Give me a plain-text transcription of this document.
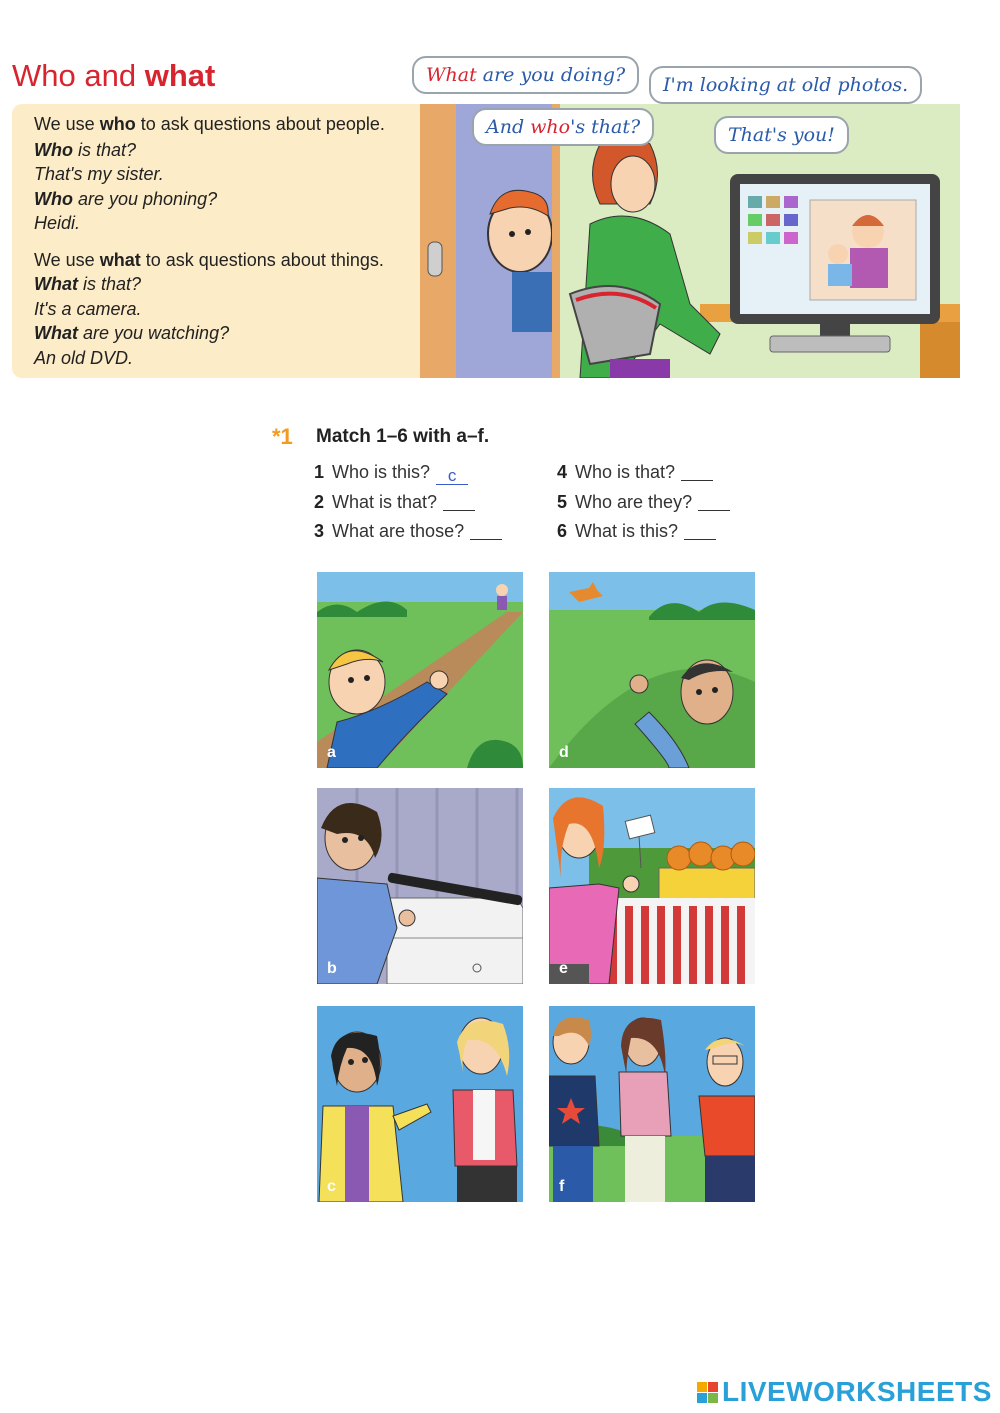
Who and what
We use who to ask questions about people.
Who is that?
That's my sister.
Who are you phoning?
Heidi.
We use what to ask questions about things.
What is that?
It's a camera.
What are you watching?
An old DVD.
What are you doing?	I'm looking at old photos.
And who's that?	That's you!
*1 Match 1–6 with a–f.
1 Who is this? c
2 What is that?
3 What are those?
4 Who is that?
5 Who are they?
6 What is this?
a	d
b	e
c	f
LIVEWORKSHEETS
